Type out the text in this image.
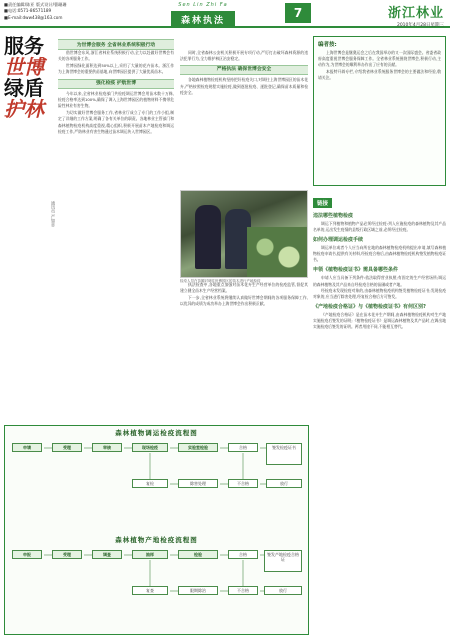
■责任编辑/陈亚 版式设计/曹珊珊
■电话:0571-86571189
■E-mail:dww438@163.com
Sen Lin Zhi Fa
森林执法
7	浙江林业
2010年4月28日星期三
服务
世博
绿盾
护林
通讯员 严如意
为世博会服务 全省林业系统积极行动

借世博会东风,浙江省林业系统积极行动,全力以赴做好世博会有关的各项服务工作。

世博园绿化面积达到50%以上,采用了大量的花卉苗木。浙江作为上海世博会的重要供苗基地,向世博园区提供了大量优质苗木。

强化检疫 护航世博

今年以来,全省林业检疫部门共检疫调运世博会用苗木数十万株,检疫合格率达到100%,确保了调入上海世博园区的植物材料不携带危险性林业有害生物。

为切实做好世博会服务工作,省林业厅成立了专门的工作小组,制定了详细的工作方案,明确了各有关单位的职责。各地林业主管部门和森林植物检疫机构高度重视,精心组织,积极开展苗木产地检疫和调运检疫工作,严防林业有害生物通过苗木调运传入世博园区。

同时,全省森林公安机关积极开展专项行动,严厉打击破坏森林资源的违法犯罪行为,全力维护林区治安稳定。

严格执法 确保世博会安全

各地森林植物检疫机构坚持把好检疫关口,对调往上海世博园区的苗木花卉,严格按照检疫规程实施检疫,做到逐批检疫、逐批登记,确保苗木质量和检疫安全。

检疫人员在苗圃对调往世博园区的苗木进行产地检疫

执法检查中,各地重点加强对苗木花卉生产经营单位的检疫监管,督促其建立健全苗木生产经营档案。

下一步,全省林业系统将继续认真做好世博会期间的各项服务保障工作,以优异的成绩为成功举办上海世博会作出积极贡献。

森林植物调运检疫流程图
申请	受理	审核	现场检疫	实验室检验	合格	签发检疫证书
不合格
除害处理
复检	放行
森林植物产地检疫流程图
申报	受理	调查	抽样	检验	合格	签发产地检疫合格证
不合格
限期除治
复查	放行
编者按:

上海世博会是继奥运会之后在我国举办的又一次国际盛会。省委省政府高度重视世博会服务保障工作。全省林业系统围绕世博会,积极行动,主动作为,为世博会的顺利举办作出了应有的贡献。

本报特开辟专栏,介绍我省林业系统服务世博会的主要做法和经验,敬请关注。

链接
违法哪些植物检疫

调运下列植物和植物产品必须经过检疫:列入应施检疫的森林植物及其产品名单的,运出发生疫情的县级行政区域之前,必须经过检疫。

如何办理调运检疫手续

调运单位或者个人应当向所在地的森林植物检疫机构提出申请,填写森林植物检疫申请书,提供有关材料,经检疫合格后,由森林植物检疫机构签发植物检疫证书。

申领《植物检疫证书》需具备哪些条件

申请人应当具备下列条件:依法取得营业执照;有固定的生产经营场所;调运的森林植物及其产品来自经检疫合格的苗圃或者产地。

经检疫未发现检疫对象的,由森林植物检疫机构签发植物检疫证书;发现检疫对象的,应当进行除害处理,经复检合格后方可签发。

《产地检疫合格证》与《植物检疫证书》有何区别?

《产地检疫合格证》是在苗木花卉生产期间,由森林植物检疫机构对生产地实施检疫后签发的证明;《植物检疫证书》是调运森林植物及其产品时,在调出地实施检疫后签发的证明。两者用途不同,不能相互替代。
